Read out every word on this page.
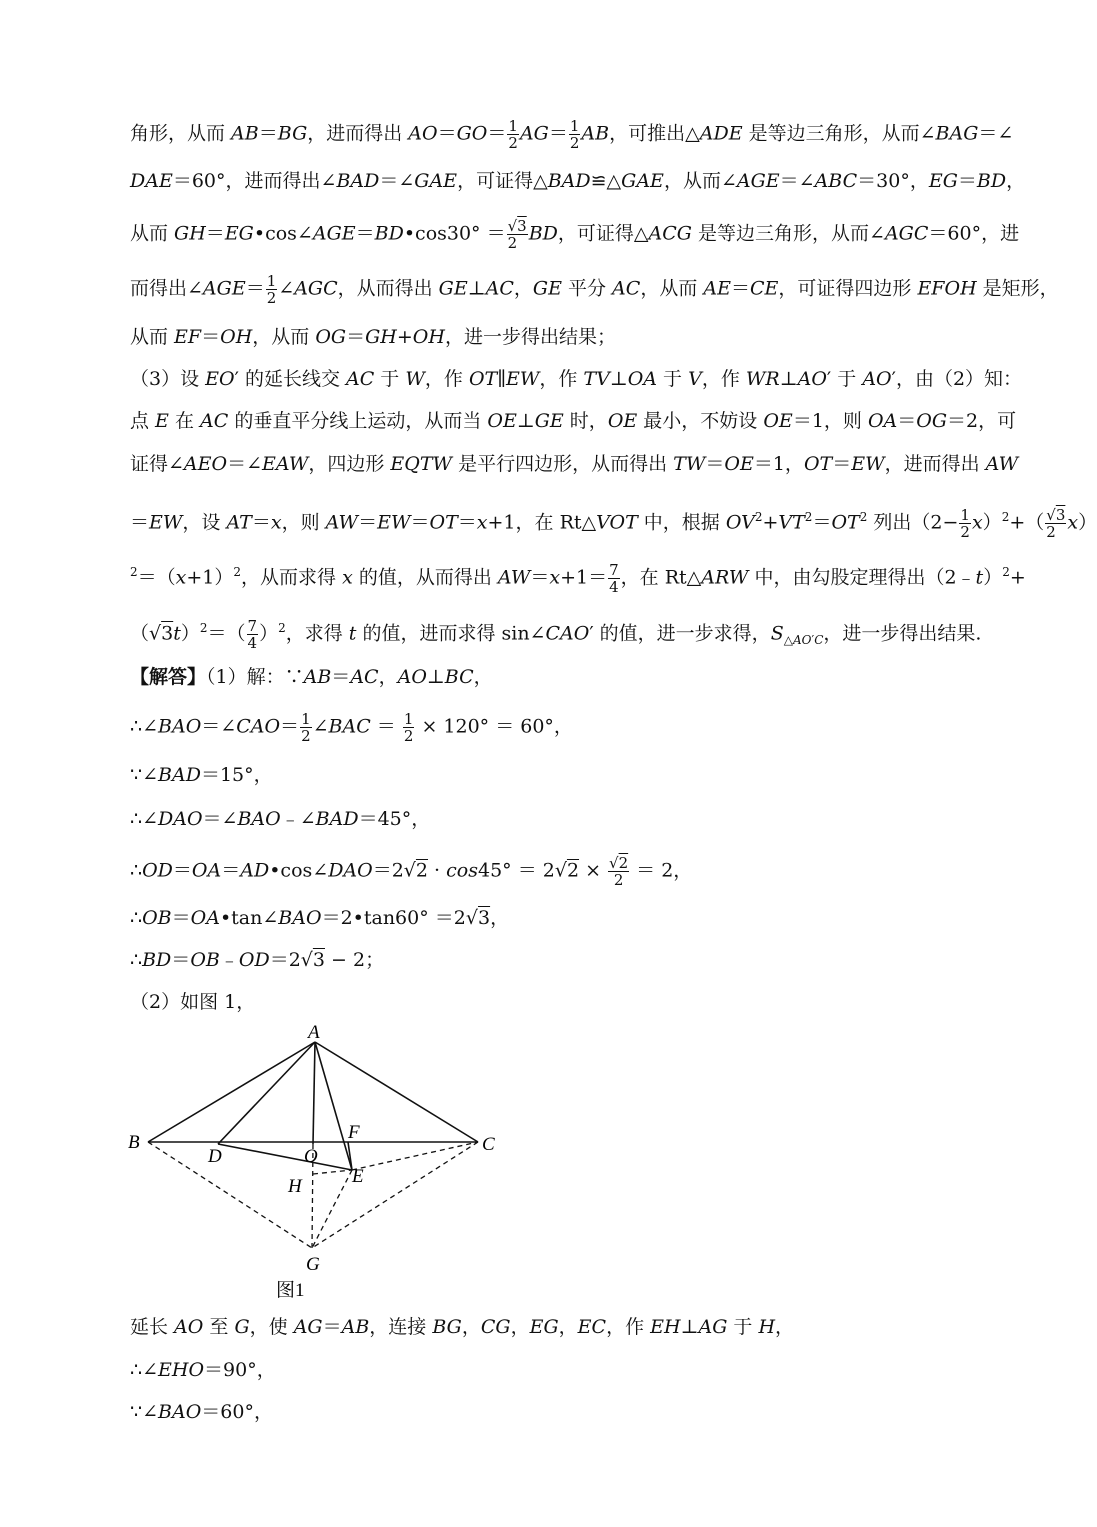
角形，从而 AB＝BG，进而得出 $AO=GO= \frac{1}{2} AG= \frac{1}{2}$ AB，可推出△ADE 是等边三角形，从而∠BAG＝∠
DAE＝60°，进而得出∠BAD＝∠GAE，可证得△BAD≌△GAE，从而∠AGE＝∠ABC＝30°，EG＝BD，
从而 GH＝EG•cos∠AGE＝BD•cos30° ＝ $\frac{√3}{2}$ BD，可证得△ACG 是等边三角形，从而∠AGC＝60°，进
而得出∠AGE＝ $\frac{1}{2}$ ∠AGC，从而得出 GE⊥AC，GE 平分 AC，从而 AE＝CE，可证得四边形 EFOH 是矩形，
从而 EF＝OH，从而 OG＝GH+OH，进一步得出结果；
（3）设 EO′ 的延长线交 AC 于 W，作 OT∥EW，作 TV⊥OA 于 V，作 WR⊥AO′ 于 AO′，由（2）知：
点 E 在 AC 的垂直平分线上运动，从而当 OE⊥GE 时，OE 最小，不妨设 OE＝1，则 OA＝OG＝2，可
证得∠AEO＝∠EAW，四边形 EQTW 是平行四边形，从而得出 TW＝OE＝1，OT＝EW，进而得出 AW
＝EW，设 AT＝x，则 AW＝EW＝OT＝x+1，在 Rt△VOT 中，根据 $OV^2+VT^2=OT^2$ 列出$(2- \frac{1}{2} x)^2+( \frac{√3}{2} x)$
$^2=(x+1)^2$，从而求得 x 的值，从而得出 $AW=x+1= \frac{7}{4}$ ，在 Rt△ARW 中，由勾股定理得出（2﹣t）$^2$+
$(√3t)^2=( \frac{7}{4} )^2$，求得 t 的值，进而求得 sin∠CAO′ 的值，进一步求得，$S_{\triangle AO'C}$，进一步得出结果.
【解答】（1）解：∵AB＝AC，AO⊥BC，
∴∠BAO＝∠CAO＝ $\frac{1}{2}$ ∠BAC ＝ $\frac{1}{2} \times 120^\circ = 60^\circ$，
∵∠BAD＝15°，
∴∠DAO＝∠BAO﹣∠BAD＝45°，
∴OD＝OA＝AD•cos∠DAO＝2√2 · $\cos 45^\circ = 2√2 \times \frac{√2}{2} = 2$，
∴OB＝OA•tan∠BAO＝2•tan60° ＝2√3，
∴BD＝OB﹣OD＝2√3 − 2；
（2）如图 1，
A
B	C
D	O
F
E
H
G
图1
延长 AO 至 G，使 AG＝AB，连接 BG，CG，EG，EC，作 EH⊥AG 于 H，
∴∠EHO＝90°，
∵∠BAO＝60°，
